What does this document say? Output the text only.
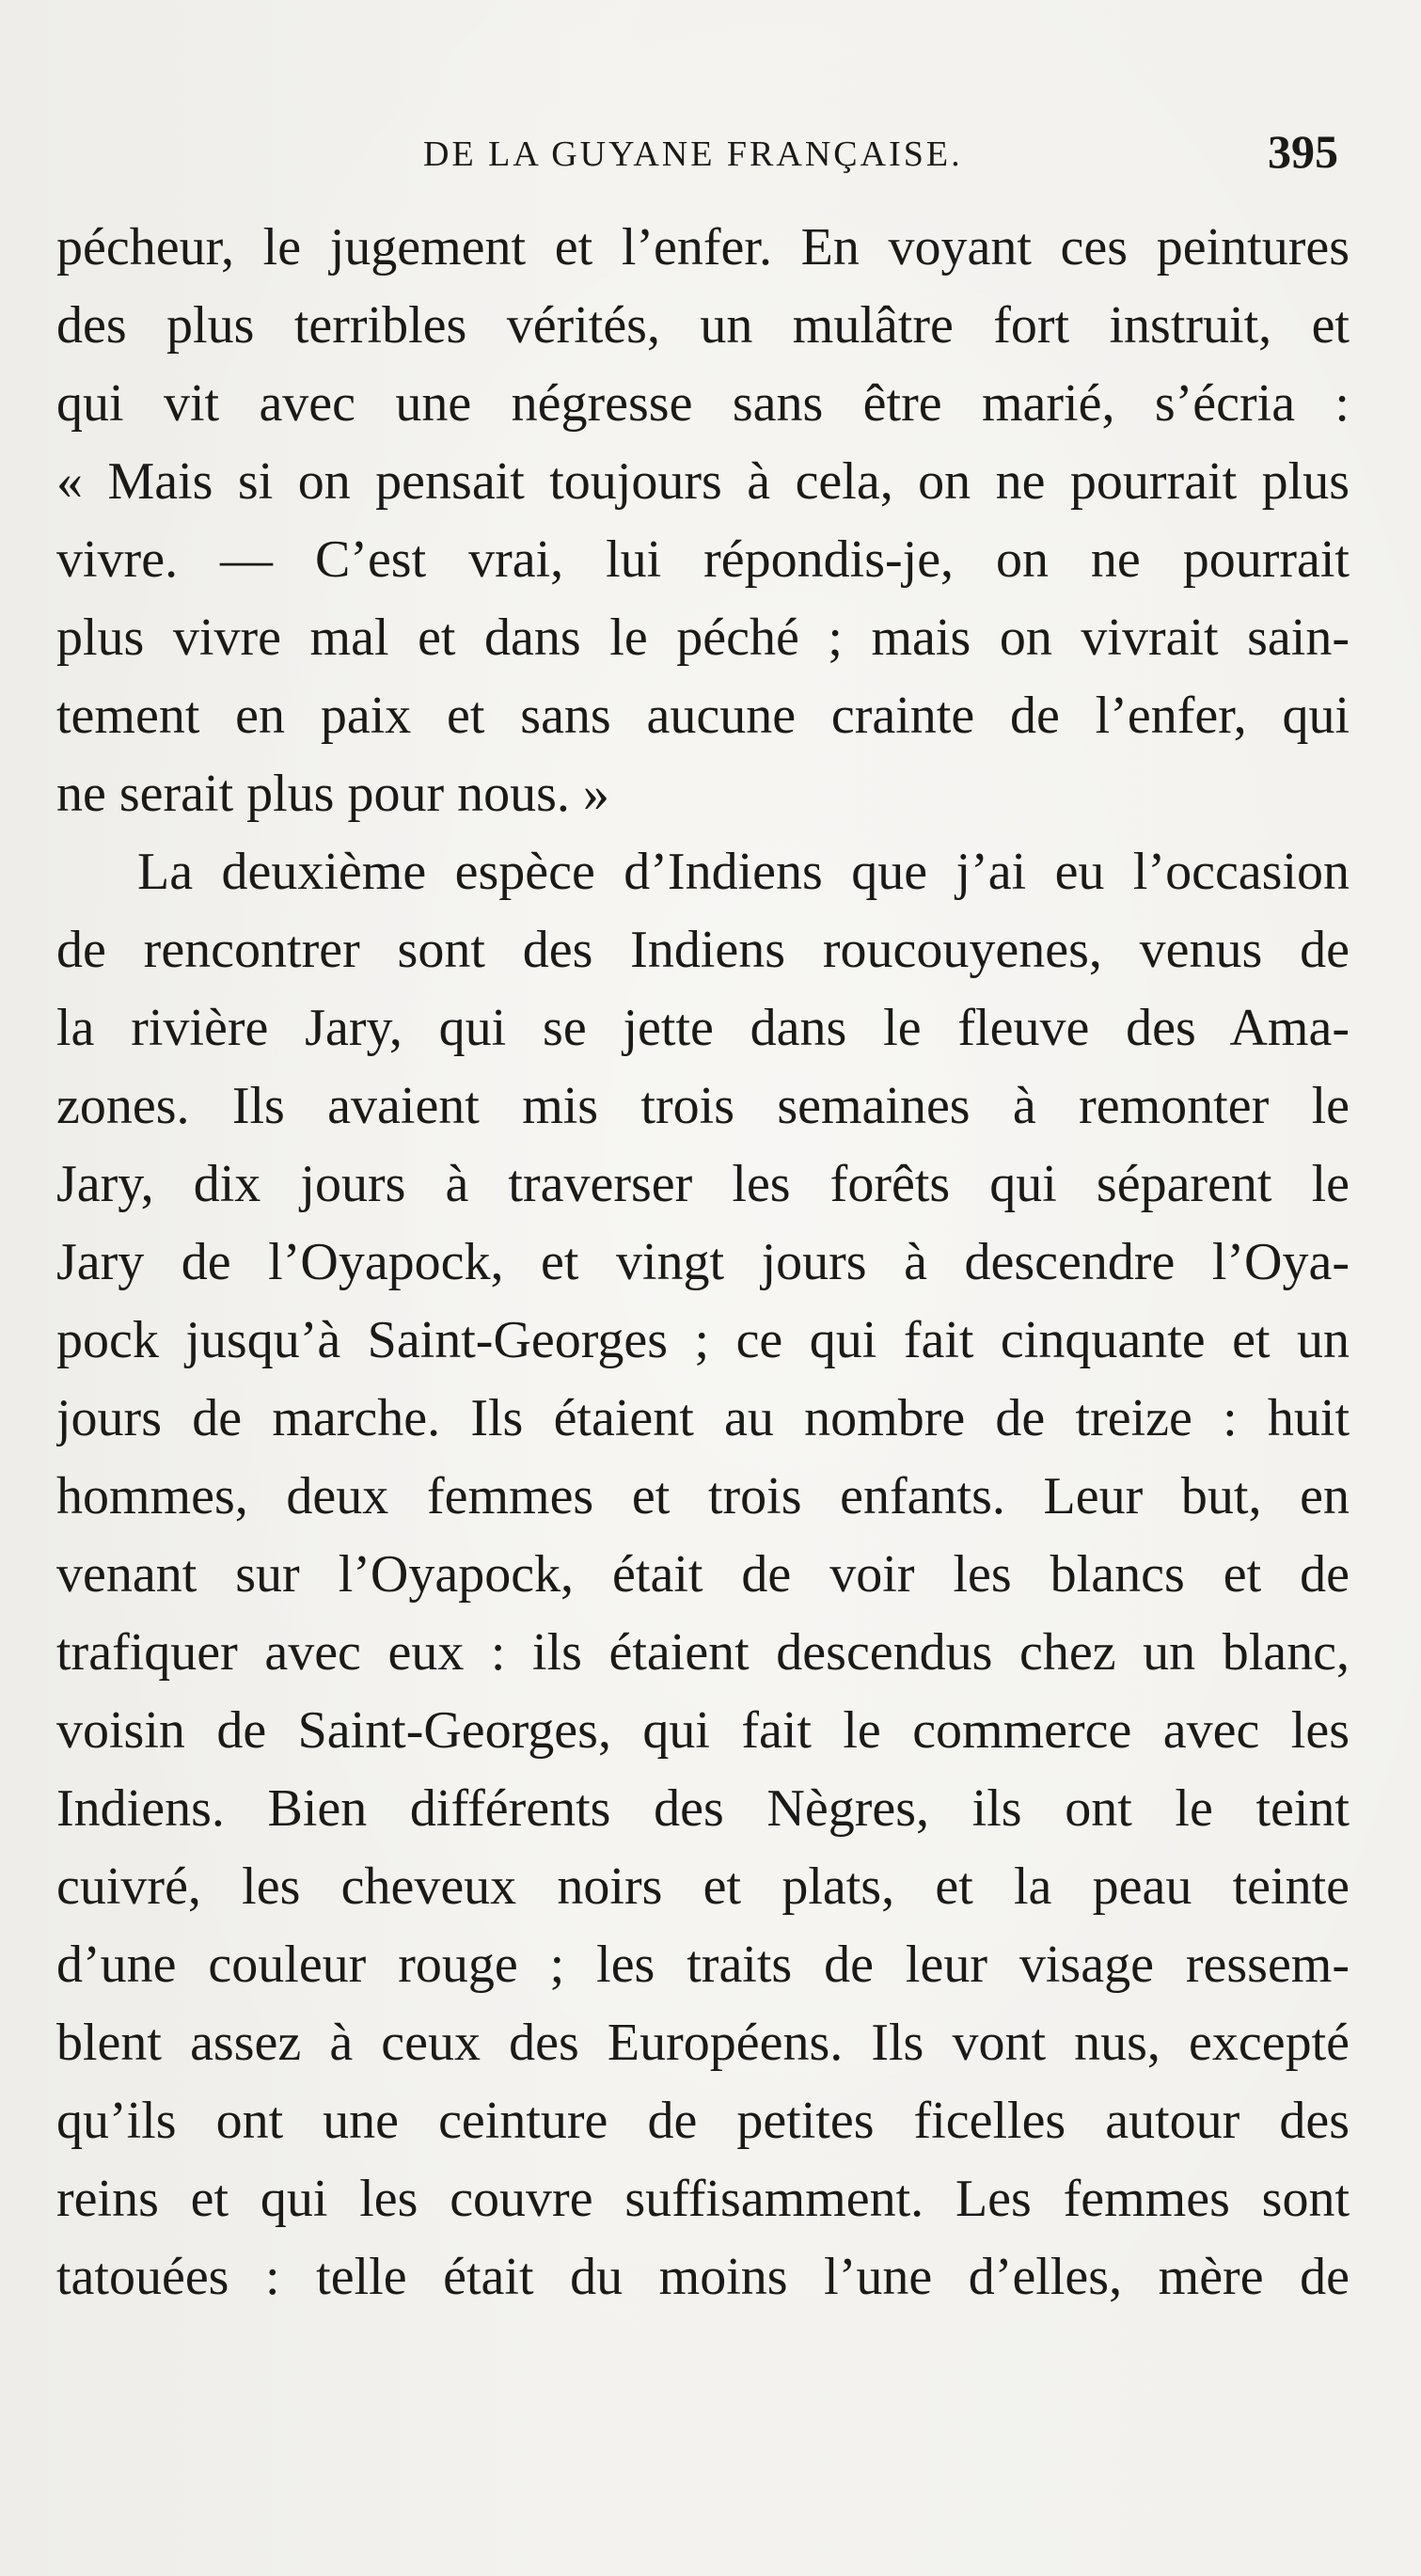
DE LA GUYANE FRANÇAISE.	395
pécheur, le jugement et l’enfer. En voyant ces peintures
des plus terribles vérités, un mulâtre fort instruit, et
qui vit avec une négresse sans être marié, s’écria :
« Mais si on pensait toujours à cela, on ne pourrait plus
vivre. — C’est vrai, lui répondis-je, on ne pourrait
plus vivre mal et dans le péché ; mais on vivrait sain-
tement en paix et sans aucune crainte de l’enfer, qui
ne serait plus pour nous. »
La deuxième espèce d’Indiens que j’ai eu l’occasion
de rencontrer sont des Indiens roucouyenes, venus de
la rivière Jary, qui se jette dans le fleuve des Ama-
zones. Ils avaient mis trois semaines à remonter le
Jary, dix jours à traverser les forêts qui séparent le
Jary de l’Oyapock, et vingt jours à descendre l’Oya-
pock jusqu’à Saint-Georges ; ce qui fait cinquante et un
jours de marche. Ils étaient au nombre de treize : huit
hommes, deux femmes et trois enfants. Leur but, en
venant sur l’Oyapock, était de voir les blancs et de
trafiquer avec eux : ils étaient descendus chez un blanc,
voisin de Saint-Georges, qui fait le commerce avec les
Indiens. Bien différents des Nègres, ils ont le teint
cuivré, les cheveux noirs et plats, et la peau teinte
d’une couleur rouge ; les traits de leur visage ressem-
blent assez à ceux des Européens. Ils vont nus, excepté
qu’ils ont une ceinture de petites ficelles autour des
reins et qui les couvre suffisamment. Les femmes sont
tatouées : telle était du moins l’une d’elles, mère de
